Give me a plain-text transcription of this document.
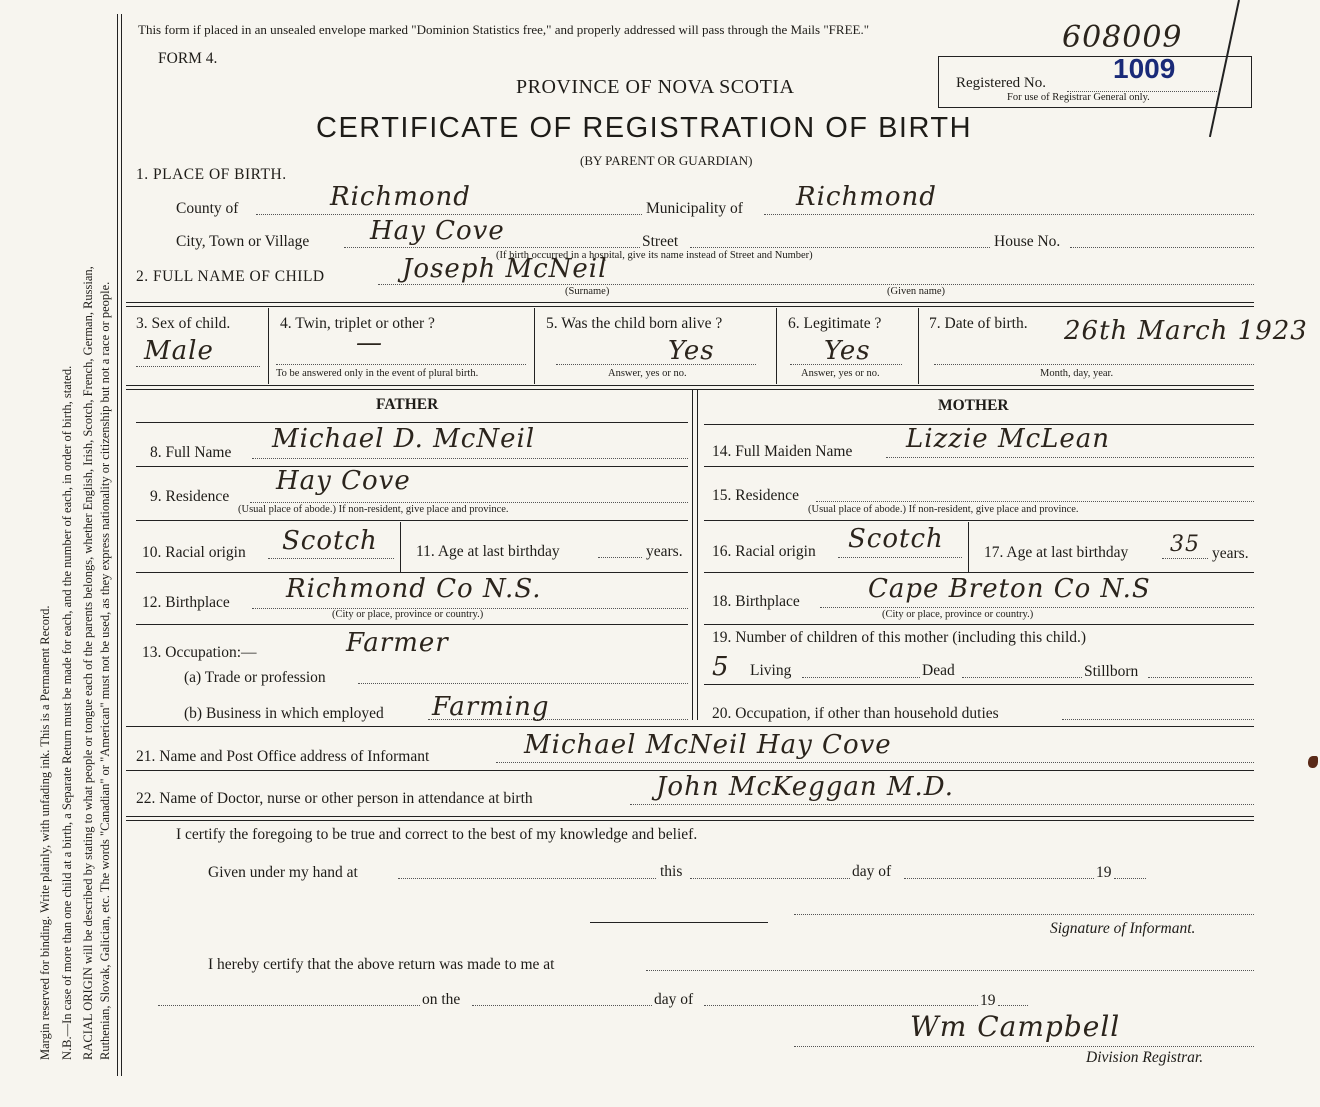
Margin reserved for binding. Write plainly, with unfading ink. This is a Permanent Record. N.B.—In case of more than one child at a birth, a Separate Return must be made for each, and the number of each, in order of birth, stated. RACIAL ORIGIN will be described by stating to what people or tongue each of the parents belongs, whether English, Irish, Scotch, French, German, Russian, Ruthenian, Slovak, Galician, etc. The words "Canadian" or "American" must not be used, as they express nationality or citizenship but not a race or people.
This form if placed in an unsealed envelope marked "Dominion Statistics free," and properly addressed will pass through the Mails "FREE."	608009
FORM 4.
PROVINCE OF NOVA SCOTIA
CERTIFICATE OF REGISTRATION OF BIRTH
(BY PARENT OR GUARDIAN)
Registered No. 1009
For use of Registrar General only.
1. PLACE OF BIRTH.
County of	Richmond	Municipality of Richmond
City, Town or Village Hay Cove	Street	House No.
(If birth occurred in a hospital, give its name instead of Street and Number)
2. FULL NAME OF CHILD	Joseph McNeil
(Surname)	(Given name)
3. Sex of child.
Male
4. Twin, triplet or other ?
—
To be answered only in the event of plural birth.
5. Was the child born alive ?
Yes
Answer, yes or no.
6. Legitimate ?
Yes
Answer, yes or no.
7. Date of birth. 26th March 1923
Month, day, year.
FATHER	MOTHER
8. Full Name Michael D. McNeil
9. Residence
Hay Cove
(Usual place of abode.) If non-resident, give place and province.
10. Racial origin Scotch 11. Age at last birthday	years.
12. Birthplace Richmond Co N.S.
(City or place, province or country.)
13. Occupation:—	Farmer
(a) Trade or profession
(b) Business in which employed Farming
14. Full Maiden Name Lizzie McLean
15. Residence
(Usual place of abode.) If non-resident, give place and province.
16. Racial origin Scotch	17. Age at last birthday 35 years.
18. Birthplace	Cape Breton Co N.S
(City or place, province or country.)
19. Number of children of this mother (including this child.)
5 Living	Dead	Stillborn
20. Occupation, if other than household duties
21. Name and Post Office address of Informant	Michael McNeil Hay Cove
22. Name of Doctor, nurse or other person in attendance at birth	John McKeggan M.D.
I certify the foregoing to be true and correct to the best of my knowledge and belief.
Given under my hand at	this	day of	19
Signature of Informant.
I hereby certify that the above return was made to me at
on the	day of	19
Wm Campbell
Division Registrar.
